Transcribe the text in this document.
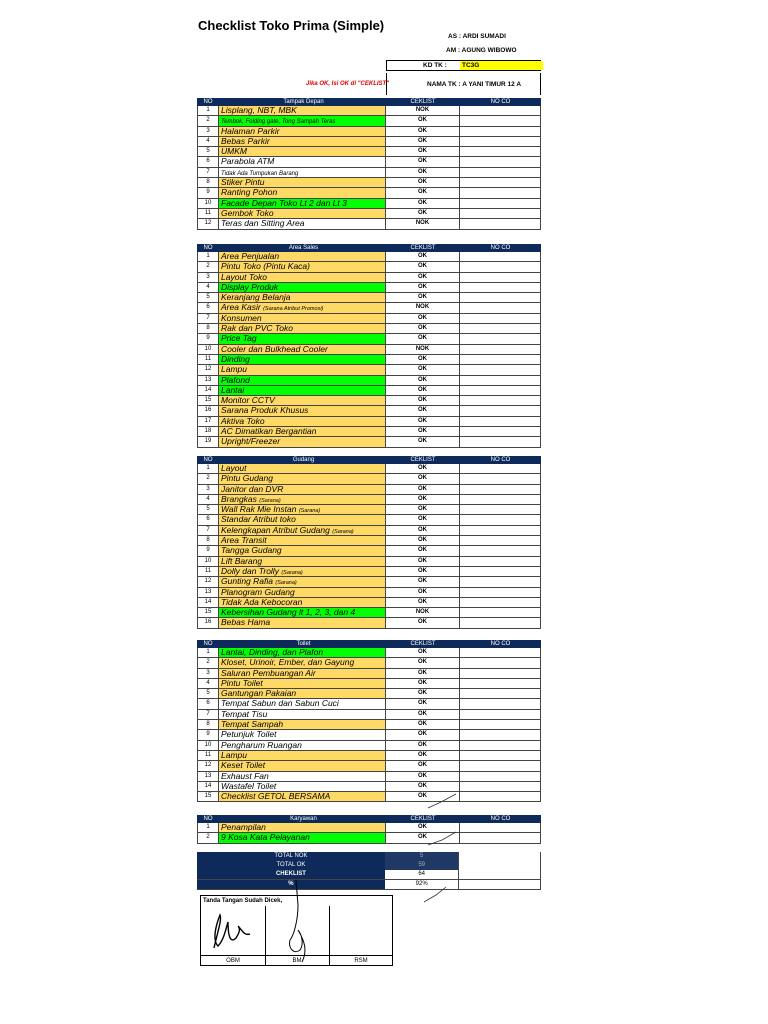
Checklist Toko Prima (Simple)
AS : ARDI SUMADI
AM : AGUNG WIBOWO
KD TK :	TC3G
NAMA TK : A YANI TIMUR 12 A
Jika OK, Isi OK di "CEKLIST"
NO	Tampak Depan	CEKLIST	NO CO
1	Lisplang, NBT, MBK	NOK
2	Tembok, Folding gate, Tong Sampah Teras	OK
3	Halaman Parkir	OK
4	Bebas Parkir	OK
5	UMKM	OK
6	Parabola ATM	OK
7	Tidak Ada Tumpukan Barang	OK
8	Stiker Pintu	OK
9	Ranting Pohon	OK
10	Facade Depan Toko Lt 2 dan Lt 3	OK
11	Gembok Toko	OK
12	Teras dan Sitting Area	NOK
NO	Area Sales	CEKLIST	NO CO
1	Area Penjualan	OK
2	Pintu Toko (Pintu Kaca)	OK
3	Layout Toko	OK
4	Display Produk	OK
5	Keranjang Belanja	OK
6	Area Kasir (Sarana Atribut Promosi)	NOK
7	Konsumen	OK
8	Rak dan PVC Toko	OK
9	Price Tag	OK
10	Cooler dan Bulkhead Cooler	NOK
11	Dinding	OK
12	Lampu	OK
13	Plafond	OK
14	Lantai	OK
15	Monitor CCTV	OK
16	Sarana Produk Khusus	OK
17	Aktiva Toko	OK
18	AC Dimatikan Bergantian	OK
19	Upright/Freezer	OK
NO	Gudang	CEKLIST	NO CO
1	Layout	OK
2	Pintu Gudang	OK
3	Janitor dan DVR	OK
4	Brangkas (Sarana)	OK
5	Wall Rak Mie Instan (Sarana)	OK
6	Standar Atribut toko	OK
7	Kelengkapan Atribut Gudang (Sarana)	OK
8	Area Transit	OK
9	Tangga Gudang	OK
10	Lift Barang	OK
11	Dolly dan Trolly (Sarana)	OK
12	Gunting Rafia (Sarana)	OK
13	Planogram Gudang	OK
14	Tidak Ada Kebocoran	OK
15	Kebersihan Gudang lt 1, 2, 3, dan 4	NOK
16	Bebas Hama	OK
NO	Toilet	CEKLIST	NO CO
1	Lantai, Dinding, dan Plafon	OK
2	Kloset, Urinoir, Ember, dan Gayung	OK
3	Saluran Pembuangan Air	OK
4	Pintu Toilet	OK
5	Gantungan Pakaian	OK
6	Tempat Sabun dan Sabun Cuci	OK
7	Tempat Tisu	OK
8	Tempat Sampah	OK
9	Petunjuk Toilet	OK
10	Pengharum Ruangan	OK
11	Lampu	OK
12	Keset Toilet	OK
13	Exhaust Fan	OK
14	Wastafel Toilet	OK
15	Checklist GETOL BERSAMA	OK
NO	Karyawan	CEKLIST	NO CO
1	Penampilan	OK
2	9 Kosa Kata Pelayanan	OK
TOTAL NOK	5
TOTAL OK	59
CHEKLIST	64
%	92%
Tanda Tangan Sudah Dicek,
OBM	BM	RSM
